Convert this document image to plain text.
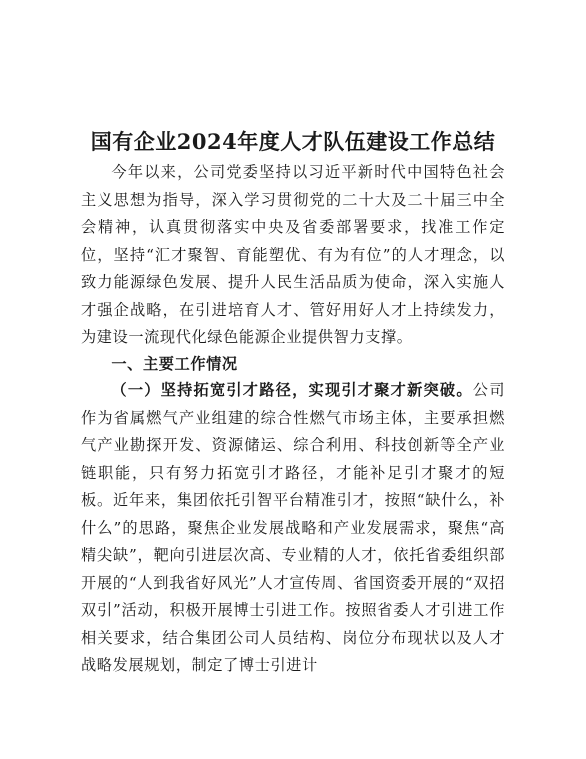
国有企业2024年度人才队伍建设工作总结

今年以来，公司党委坚持以习近平新时代中国特色社会主义思想为指导，深入学习贯彻党的二十大及二十届三中全会精神，认真贯彻落实中央及省委部署要求，找准工作定位，坚持“汇才聚智、育能塑优、有为有位”的人才理念，以致力能源绿色发展、提升人民生活品质为使命，深入实施人才强企战略，在引进培育人才、管好用好人才上持续发力，为建设一流现代化绿色能源企业提供智力支撑。

一、主要工作情况

（一）坚持拓宽引才路径，实现引才聚才新突破。公司作为省属燃气产业组建的综合性燃气市场主体，主要承担燃气产业勘探开发、资源储运、综合利用、科技创新等全产业链职能，只有努力拓宽引才路径，才能补足引才聚才的短板。近年来，集团依托引智平台精准引才，按照“缺什么，补什么”的思路，聚焦企业发展战略和产业发展需求，聚焦“高精尖缺”，靶向引进层次高、专业精的人才，依托省委组织部开展的“人到我省好风光”人才宣传周、省国资委开展的“双招双引”活动，积极开展博士引进工作。按照省委人才引进工作相关要求，结合集团公司人员结构、岗位分布现状以及人才战略发展规划，制定了博士引进计
